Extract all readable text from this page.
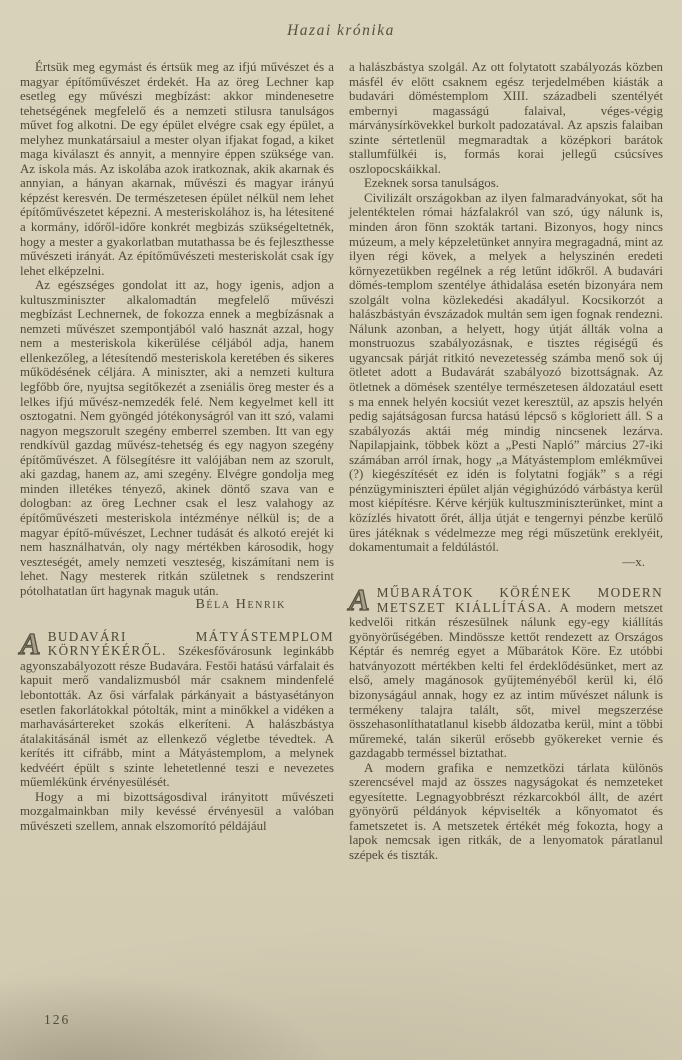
Hazai krónika

Értsük meg egymást és értsük meg az ifjú művészet és a magyar építőművészet érdekét. Ha az öreg Lechner kap esetleg egy művészi megbízást: akkor mindenesetre tehetségének megfelelő és a nemzeti stilusra tanulságos művet fog alkotni. De egy épület elvégre csak egy épület, a melyhez munkatársaiul a mester olyan ifjakat fogad, a kiket maga kiválaszt és annyit, a mennyire éppen szüksége van. Az iskola más. Az iskolába azok iratkoznak, akik akarnak és annyian, a hányan akarnak, művészi és magyar irányú képzést keresvén. De természetesen épület nélkül nem lehet építőművészetet képezni. A mesteriskolához is, ha létesitené a kormány, időről-időre konkrét megbizás szükségeltetnék, hogy a mester a gyakorlatban mutathassa be és fejleszthesse művészeti irányát. Az építőművészeti mesteriskolát csak így lehet elképzelni.

Az egészséges gondolat itt az, hogy igenis, adjon a kultuszminiszter alkalomadtán megfelelő művészi megbízást Lechnernek, de fokozza ennek a megbízásnak a nemzeti művészet szempontjából való hasznát azzal, hogy nem a mesteriskola kikerülése céljából adja, hanem ellenkezőleg, a létesítendő mesteriskola keretében és sikeres működésének céljára. A miniszter, aki a nemzeti kultura legfőbb őre, nyujtsa segítőkezét a zseniális öreg mester és a lelkes ifjú művész-nemzedék felé. Nem kegyelmet kell itt osztogatni. Nem gyöngéd jótékonyságról van itt szó, valami nagyon megszorult szegény emberrel szemben. Itt van egy rendkívül gazdag művész-tehetség és egy nagyon szegény építőművészet. A fölsegítésre itt valójában nem az szorult, aki gazdag, hanem az, ami szegény. Elvégre gondolja meg minden illetékes tényező, akinek döntő szava van e dologban: az öreg Lechner csak el lesz valahogy az építőművészeti mesteriskola intézménye nélkül is; de a magyar építő-művészet, Lechner tudását és alkotó erejét ki nem használhatván, oly nagy mértékben károsodik, hogy veszteségét, amely nemzeti veszteség, kiszámítani nem is lehet. Nagy mesterek ritkán születnek s rendszerint pótolhatatlan űrt hagynak maguk után.

Béla Henrik

ABUDAVÁRI MÁTYÁSTEMPLOM KÖRNYÉKÉRŐL. Székesfővárosunk leginkább agyonszabályozott része Budavára. Festői hatású várfalait és kapuit merő vandalizmusból már csaknem mindenfelé lebontották. Az ősi várfalak párkányait a bástyasétányon esetlen fakorlátokkal pótolták, mint a minőkkel a vidéken a marhavásártereket szokás elkeríteni. A halászbástya átalakitásánál ismét az ellenkező végletbe tévedtek. A kerítés itt cifrább, mint a Mátyástemplom, a melynek kedvéért épült s szinte lehetetlenné teszi e nevezetes műemlékünk érvényesülését.

Hogy a mi bizottságosdival irányitott művészeti mozgalmainkban mily kevéssé érvényesül a valóban művészeti szellem, annak elszomorító példájául

a halászbástya szolgál. Az ott folytatott szabályozás közben másfél év előtt csaknem egész terjedelmében kiásták a budavári döméstemplom XIII. századbeli szentélyét embernyi magasságú falaival, véges-végig márványsírkövekkel burkolt padozatával. Az apszis falaiban szinte sértetlenül megmaradtak a középkori barátok stallumfülkéi is, formás korai jellegű csúcsíves oszlopocskáikkal.

Ezeknek sorsa tanulságos.

Civilizált országokban az ilyen falmaradványokat, sőt ha jelentéktelen római házfalakról van szó, úgy nálunk is, minden áron fönn szokták tartani. Bizonyos, hogy nincs múzeum, a mely képzeletünket annyira megragadná, mint az ilyen régi kövek, a melyek a helyszinén eredeti környezetükben regélnek a rég letűnt időkről. A budavári dömés-templom szentélye áthidalása esetén bizonyára nem szolgált volna közlekedési akadályul. Kocsikorzót a halászbástyán évszázadok multán sem igen fognak rendezni. Nálunk azonban, a helyett, hogy útját állták volna a monstruozus szabályozásnak, e tisztes régiségű és ugyancsak párját ritkitó nevezetesség számba menő sok új ötletet adott a Budavárát szabályozó bizottságnak. Az ötletnek a dömések szentélye természetesen áldozatául esett s ma ennek helyén kocsiút vezet keresztül, az apszis helyén pedig sajátságosan furcsa hatású lépcső s kőgloriett áll. S a szabályozás aktái még mindig nincsenek lezárva. Napilapjaink, többek közt a „Pesti Napló” március 27-iki számában arról írnak, hogy „a Mátyástemplom emlékművei (?) kiegészítését ez idén is folytatni fogják” s a régi pénzügyminiszteri épület alján végighúzódó várbástya kerül most kiépítésre. Kérve kérjük kultuszminiszterünket, mint a közízlés hivatott őrét, állja útját e tengernyi pénzbe kerülő üres játéknak s védelmezze meg régi műszetünk ereklyéit, dokamentumait a feldúlástól.

—x.

AMŰBARÁTOK KÖRÉNEK MODERN METSZET KIÁLLÍTÁSA. A modern metszet kedvelői ritkán részesülnek nálunk egy-egy kiállítás gyönyörűségében. Mindössze kettőt rendezett az Országos Képtár és nemrég egyet a Műbarátok Köre. Ez utóbbi hatványozott mértékben kelti fel érdeklődésünket, mert az első, amely magánosok gyűjteményéből kerül ki, élő bizonyságául annak, hogy ez az intim művészet nálunk is termékeny talajra talált, sőt, mivel megszerzése összehasonlíthatatlanul kisebb áldozatba kerül, mint a többi műremeké, talán sikerül erősebb gyökereket vernie és gazdagabb terméssel biztathat.

A modern grafika e nemzetközi tárlata különös szerencsével majd az összes nagyságokat és nemzeteket egyesítette. Legnagyobbrészt rézkarcokból állt, de azért gyönyörű példányok képviselték a kőnyomatot és fametszetet is. A metszetek értékét még fokozta, hogy a lapok nemcsak igen ritkák, de a lenyomatok páratlanul szépek és tiszták.

126
